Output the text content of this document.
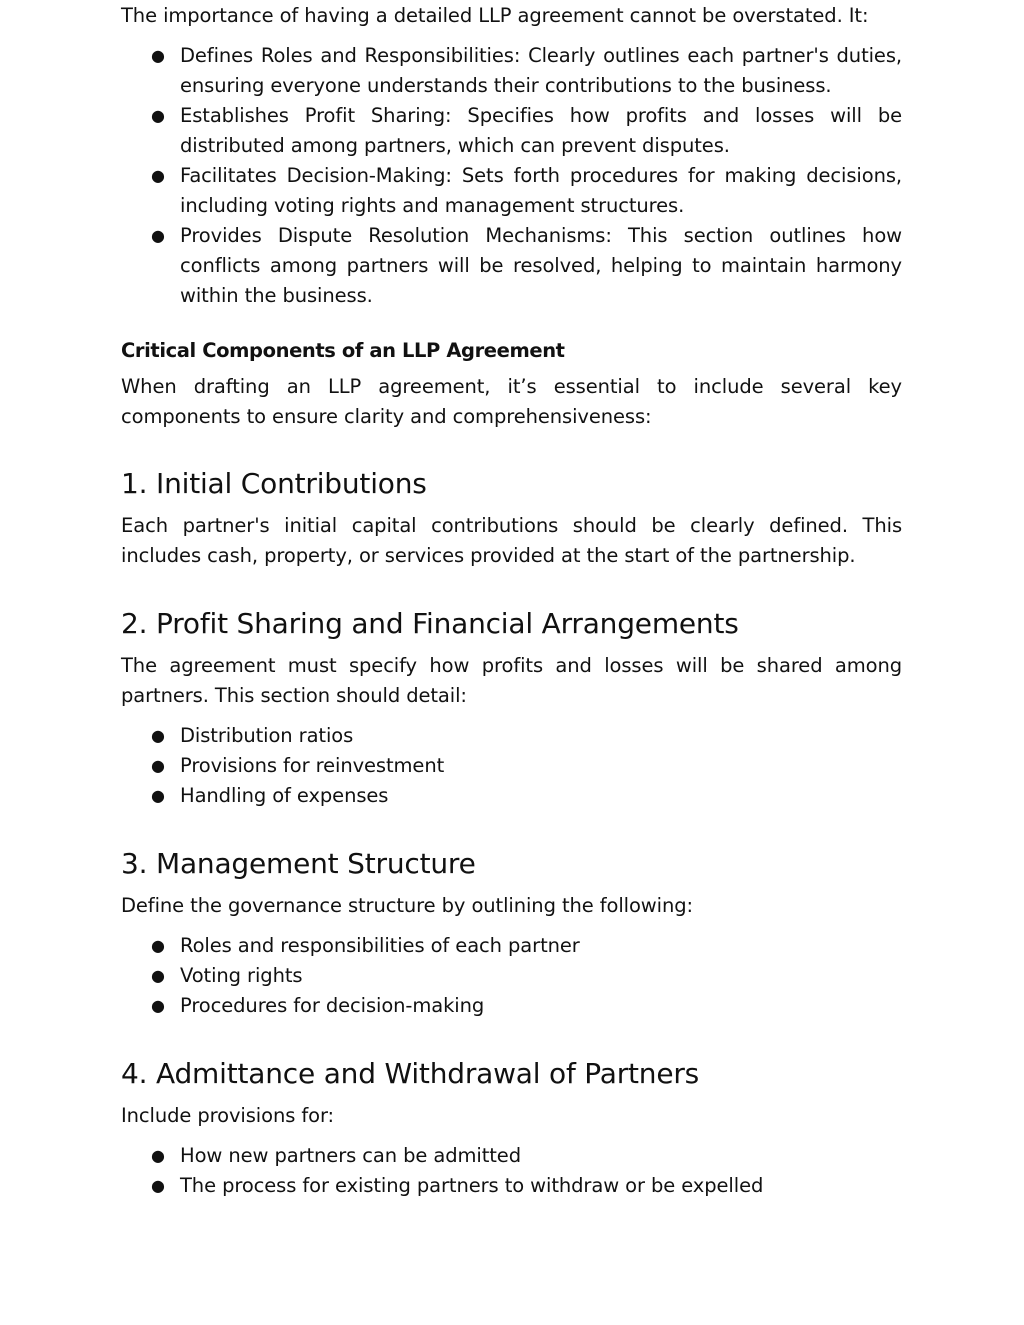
The importance of having a detailed LLP agreement cannot be overstated. It:

● Defines Roles and Responsibilities: Clearly outlines each partner's duties, ensuring everyone understands their contributions to the business.
● Establishes Profit Sharing: Specifies how profits and losses will be distributed among partners, which can prevent disputes.
● Facilitates Decision-Making: Sets forth procedures for making decisions, including voting rights and management structures.
● Provides Dispute Resolution Mechanisms: This section outlines how conflicts among partners will be resolved, helping to maintain harmony within the business.
Critical Components of an LLP Agreement

When drafting an LLP agreement, it’s essential to include several key components to ensure clarity and comprehensiveness:

1. Initial Contributions

Each partner's initial capital contributions should be clearly defined. This includes cash, property, or services provided at the start of the partnership.

2. Profit Sharing and Financial Arrangements

The agreement must specify how profits and losses will be shared among partners. This section should detail:

● Distribution ratios
● Provisions for reinvestment
● Handling of expenses
3. Management Structure

Define the governance structure by outlining the following:

● Roles and responsibilities of each partner
● Voting rights
● Procedures for decision-making
4. Admittance and Withdrawal of Partners

Include provisions for:

● How new partners can be admitted
● The process for existing partners to withdraw or be expelled
